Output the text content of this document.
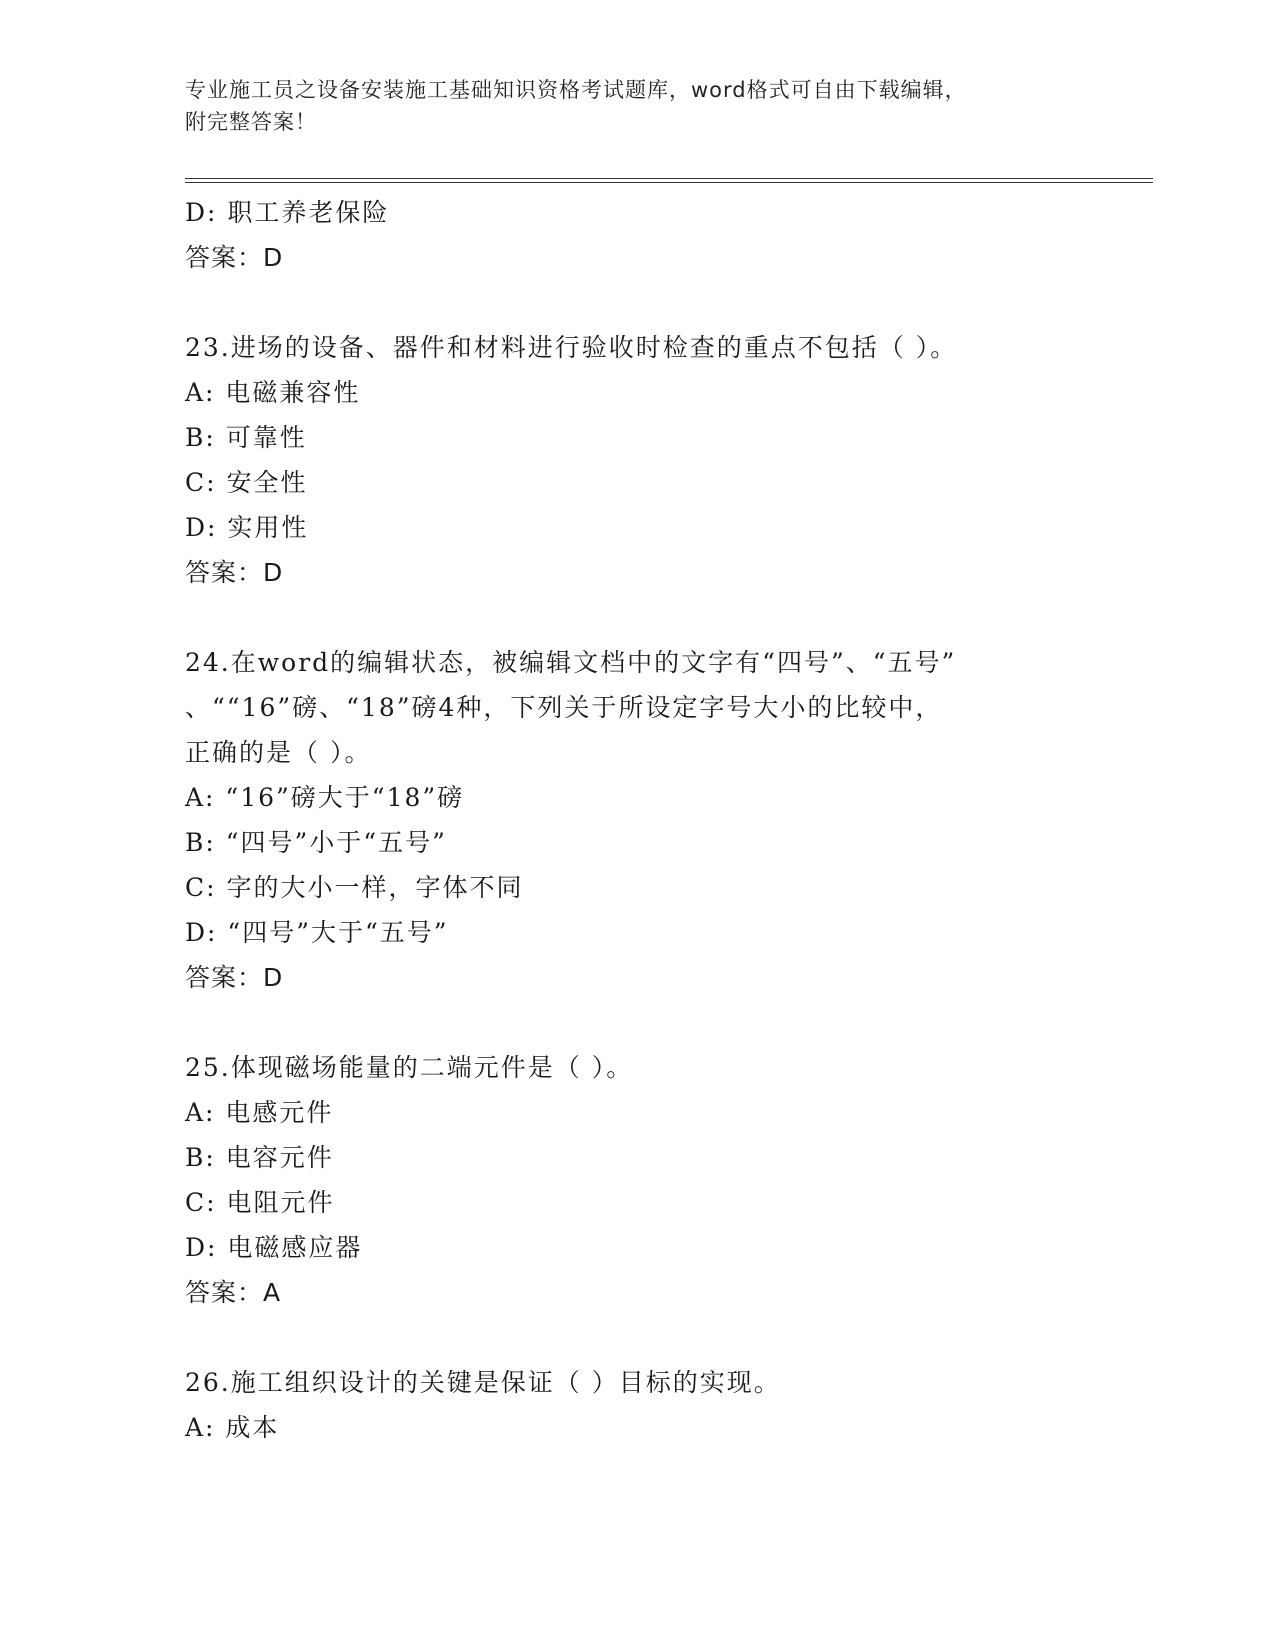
专业施工员之设备安装施工基础知识资格考试题库，word格式可自由下载编辑，
附完整答案！
D: 职工养老保险
答案：D
23.进场的设备、器件和材料进行验收时检查的重点不包括（ ）。
A: 电磁兼容性
B: 可靠性
C: 安全性
D: 实用性
答案：D
24.在word的编辑状态，被编辑文档中的文字有“四号”、“五号”
、““16”磅、“18”磅4种，下列关于所设定字号大小的比较中，
正确的是（ ）。
A: “16”磅大于“18”磅
B: “四号”小于“五号”
C: 字的大小一样，字体不同
D: “四号”大于“五号”
答案：D
25.体现磁场能量的二端元件是（ ）。
A: 电感元件
B: 电容元件
C: 电阻元件
D: 电磁感应器
答案：A
26.施工组织设计的关键是保证（ ）目标的实现。
A: 成本
